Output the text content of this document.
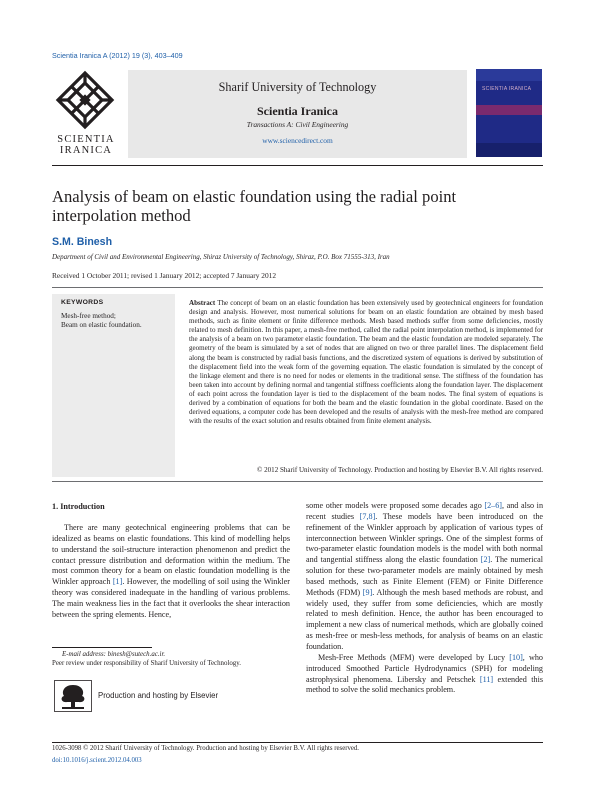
Scientia Iranica A (2012) 19 (3), 403–409
SCIENTIA
IRANICA
Sharif University of Technology
Scientia Iranica
Transactions A: Civil Engineering
www.sciencedirect.com
SCIENTIA IRANICA
Analysis of beam on elastic foundation using the radial point interpolation method
S.M. Binesh
Department of Civil and Environmental Engineering, Shiraz University of Technology, Shiraz, P.O. Box 71555-313, Iran
Received 1 October 2011; revised 1 January 2012; accepted 7 January 2012
KEYWORDS
Mesh-free method;
Beam on elastic foundation.
Abstract The concept of beam on an elastic foundation has been extensively used by geotechnical engineers for foundation design and analysis. However, most numerical solutions for beam on an elastic foundation are obtained by mesh based methods, such as finite element or finite difference methods. Mesh based methods suffer from some deficiencies, mostly related to mesh definition. In this paper, a mesh-free method, called the radial point interpolation method, is implemented for the analysis of a beam on two parameter elastic foundation. The beam and the elastic foundation are modeled separately. The geometry of the beam is simulated by a set of nodes that are aligned on two or three parallel lines. The displacement field along the beam is constructed by radial basis functions, and the discretized system of equations is derived by substitution of the displacement field into the weak form of the governing equation. The elastic foundation is simulated by the concept of the linkage element and there is no need for nodes or elements in the traditional sense. The stiffness of the foundation has been taken into account by defining normal and tangential stiffness coefficients along the foundation layer. The displacement of each point across the foundation layer is tied to the displacement of the beam nodes. The final system of equations is derived by a combination of equations for both the beam and the elastic foundation in the global coordinate. Based on the derived equations, a computer code has been developed and the results of analysis with the mesh-free method are compared with the results of the exact solution and results obtained from finite element analysis.
© 2012 Sharif University of Technology. Production and hosting by Elsevier B.V. All rights reserved.
1. Introduction

There are many geotechnical engineering problems that can be idealized as beams on elastic foundations. This kind of modelling helps to understand the soil-structure interaction phenomenon and predict the contact pressure distribution and deformation within the medium. The most common theory for a beam on elastic foundation modelling is the Winkler approach [1]. However, the modelling of soil using the Winkler theory was considered inadequate in the handling of various problems. The main weakness lies in the fact that it overlooks the shear interaction between the spring elements. Hence,

some other models were proposed some decades ago [2–6], and also in recent studies [7,8]. These models have been introduced on the refinement of the Winkler approach by application of various types of interconnection between Winkler springs. One of the simplest forms of two-parameter elastic foundation models is the model with both normal and tangential stiffness along the elastic foundation [2]. The numerical solution for these two-parameter models are mainly obtained by mesh based methods, such as Finite Element (FEM) or Finite Difference Methods (FDM) [9]. Although the mesh based methods are robust, and widely used, they suffer from some deficiencies, which are mostly related to mesh definition. Hence, the author has been encouraged to implement a new class of numerical methods, which are globally coined as mesh-free or mesh-less methods, for analysis of beams on an elastic foundation.

Mesh-Free Methods (MFM) were developed by Lucy [10], who introduced Smoothed Particle Hydrodynamics (SPH) for modeling astrophysical phenomena. Libersky and Petschek [11] extended this method to solve the solid mechanics problem.

E-mail address: binesh@sutech.ac.ir.
Peer review under responsibility of Sharif University of Technology.
Production and hosting by Elsevier
1026-3098 © 2012 Sharif University of Technology. Production and hosting by Elsevier B.V. All rights reserved.
doi:10.1016/j.scient.2012.04.003
